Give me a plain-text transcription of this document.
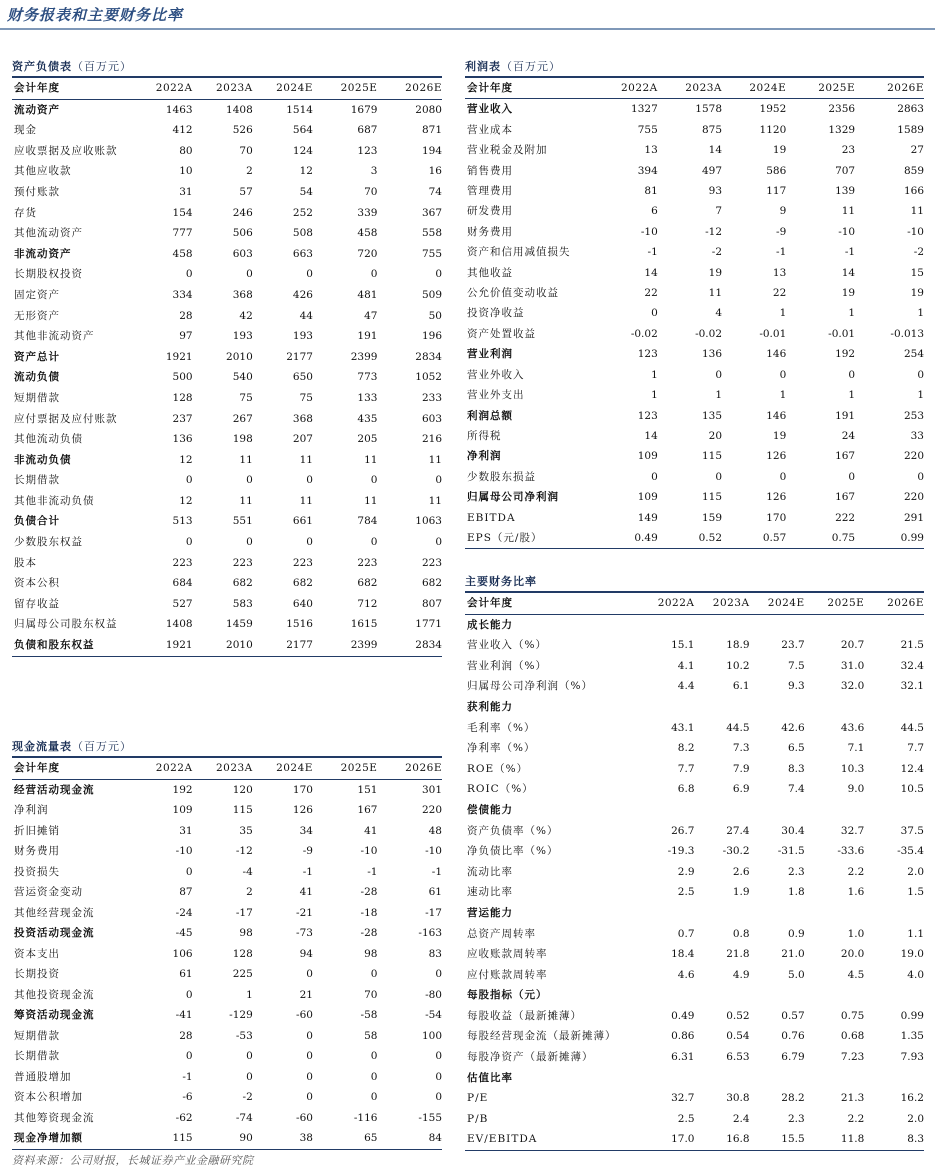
财务报表和主要财务比率
资产负债表（百万元）
会计年度	2022A	2023A	2024E	2025E	2026E
流动资产	1463	1408	1514	1679	2080
现金	412	526	564	687	871
应收票据及应收账款	80	70	124	123	194
其他应收款	10	2	12	3	16
预付账款	31	57	54	70	74
存货	154	246	252	339	367
其他流动资产	777	506	508	458	558
非流动资产	458	603	663	720	755
长期股权投资	0	0	0	0	0
固定资产	334	368	426	481	509
无形资产	28	42	44	47	50
其他非流动资产	97	193	193	191	196
资产总计	1921	2010	2177	2399	2834
流动负债	500	540	650	773	1052
短期借款	128	75	75	133	233
应付票据及应付账款	237	267	368	435	603
其他流动负债	136	198	207	205	216
非流动负债	12	11	11	11	11
长期借款	0	0	0	0	0
其他非流动负债	12	11	11	11	11
负债合计	513	551	661	784	1063
少数股东权益	0	0	0	0	0
股本	223	223	223	223	223
资本公积	684	682	682	682	682
留存收益	527	583	640	712	807
归属母公司股东权益	1408	1459	1516	1615	1771
负债和股东权益	1921	2010	2177	2399	2834
利润表（百万元）
会计年度	2022A	2023A	2024E	2025E	2026E
营业收入	1327	1578	1952	2356	2863
营业成本	755	875	1120	1329	1589
营业税金及附加	13	14	19	23	27
销售费用	394	497	586	707	859
管理费用	81	93	117	139	166
研发费用	6	7	9	11	11
财务费用	-10	-12	-9	-10	-10
资产和信用减值损失	-1	-2	-1	-1	-2
其他收益	14	19	13	14	15
公允价值变动收益	22	11	22	19	19
投资净收益	0	4	1	1	1
资产处置收益	-0.02	-0.02	-0.01	-0.01	-0.013
营业利润	123	136	146	192	254
营业外收入	1	0	0	0	0
营业外支出	1	1	1	1	1
利润总额	123	135	146	191	253
所得税	14	20	19	24	33
净利润	109	115	126	167	220
少数股东损益	0	0	0	0	0
归属母公司净利润	109	115	126	167	220
EBITDA	149	159	170	222	291
EPS（元/股）	0.49	0.52	0.57	0.75	0.99
主要财务比率
会计年度	2022A	2023A	2024E	2025E	2026E
成长能力					
营业收入（%）	15.1	18.9	23.7	20.7	21.5
营业利润（%）	4.1	10.2	7.5	31.0	32.4
归属母公司净利润（%）	4.4	6.1	9.3	32.0	32.1
获利能力					
毛利率（%）	43.1	44.5	42.6	43.6	44.5
净利率（%）	8.2	7.3	6.5	7.1	7.7
ROE（%）	7.7	7.9	8.3	10.3	12.4
ROIC（%）	6.8	6.9	7.4	9.0	10.5
偿债能力					
资产负债率（%）	26.7	27.4	30.4	32.7	37.5
净负债比率（%）	-19.3	-30.2	-31.5	-33.6	-35.4
流动比率	2.9	2.6	2.3	2.2	2.0
速动比率	2.5	1.9	1.8	1.6	1.5
营运能力					
总资产周转率	0.7	0.8	0.9	1.0	1.1
应收账款周转率	18.4	21.8	21.0	20.0	19.0
应付账款周转率	4.6	4.9	5.0	4.5	4.0
每股指标（元）					
每股收益（最新摊薄）	0.49	0.52	0.57	0.75	0.99
每股经营现金流（最新摊薄）	0.86	0.54	0.76	0.68	1.35
每股净资产（最新摊薄）	6.31	6.53	6.79	7.23	7.93
估值比率					
P/E	32.7	30.8	28.2	21.3	16.2
P/B	2.5	2.4	2.3	2.2	2.0
EV/EBITDA	17.0	16.8	15.5	11.8	8.3
现金流量表（百万元）
会计年度	2022A	2023A	2024E	2025E	2026E
经营活动现金流	192	120	170	151	301
净利润	109	115	126	167	220
折旧摊销	31	35	34	41	48
财务费用	-10	-12	-9	-10	-10
投资损失	0	-4	-1	-1	-1
营运资金变动	87	2	41	-28	61
其他经营现金流	-24	-17	-21	-18	-17
投资活动现金流	-45	98	-73	-28	-163
资本支出	106	128	94	98	83
长期投资	61	225	0	0	0
其他投资现金流	0	1	21	70	-80
筹资活动现金流	-41	-129	-60	-58	-54
短期借款	28	-53	0	58	100
长期借款	0	0	0	0	0
普通股增加	-1	0	0	0	0
资本公积增加	-6	-2	0	0	0
其他筹资现金流	-62	-74	-60	-116	-155
现金净增加额	115	90	38	65	84
资料来源：公司财报，长城证券产业金融研究院
